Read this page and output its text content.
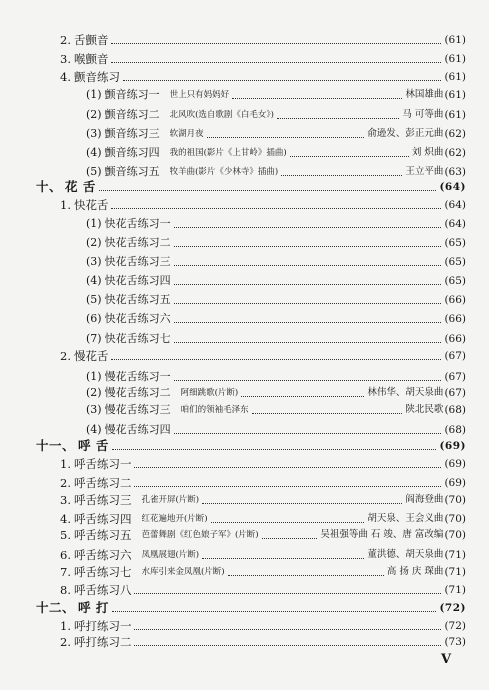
2. 舌颤音	(61)
3. 喉颤音	(61)
4. 颤音练习	(61)
(1) 颤音练习一 世上只有妈妈好	林国雄曲 (61)
(2) 颤音练习二 北风吹(选自歌剧《白毛女》)	马 可等曲 (61)
(3) 颤音练习三 软湖月夜	俞逊发、彭正元曲 (62)
(4) 颤音练习四 我的祖国(影片《上甘岭》插曲)	刘 炽曲 (62)
(5) 颤音练习五 牧羊曲(影片《少林寺》插曲)	王立平曲 (63)
十、 花 舌	(64)
1. 快花舌	(64)
(1) 快花舌练习一	(64)
(2) 快花舌练习二	(65)
(3) 快花舌练习三	(65)
(4) 快花舌练习四	(65)
(5) 快花舌练习五	(66)
(6) 快花舌练习六	(66)
(7) 快花舌练习七	(66)
2. 慢花舌	(67)
(1) 慢花舌练习一	(67)
(2) 慢花舌练习二 阿细跳歌(片断)	林伟华、胡天泉曲 (67)
(3) 慢花舌练习三 咱们的领袖毛泽东	陕北民歌 (68)
(4) 慢花舌练习四	(68)
十一、 呼 舌	(69)
1. 呼舌练习一	(69)
2. 呼舌练习二	(69)
3. 呼舌练习三 孔雀开屏(片断)	阎海登曲 (70)
4. 呼舌练习四 红花遍地开(片断)	胡天泉、王会义曲 (70)
5. 呼舌练习五 芭蕾舞剧《红色娘子军》(片断)	吴祖强等曲 石 竣、唐 富改编 (70)
6. 呼舌练习六 凤凰展翅(片断)	董洪德、胡天泉曲 (71)
7. 呼舌练习七 水库引来金凤凰(片断)	高 扬 庆 琛曲 (71)
8. 呼舌练习八	(71)
十二、 呼 打	(72)
1. 呼打练习一	(72)
2. 呼打练习二	(73)
V
